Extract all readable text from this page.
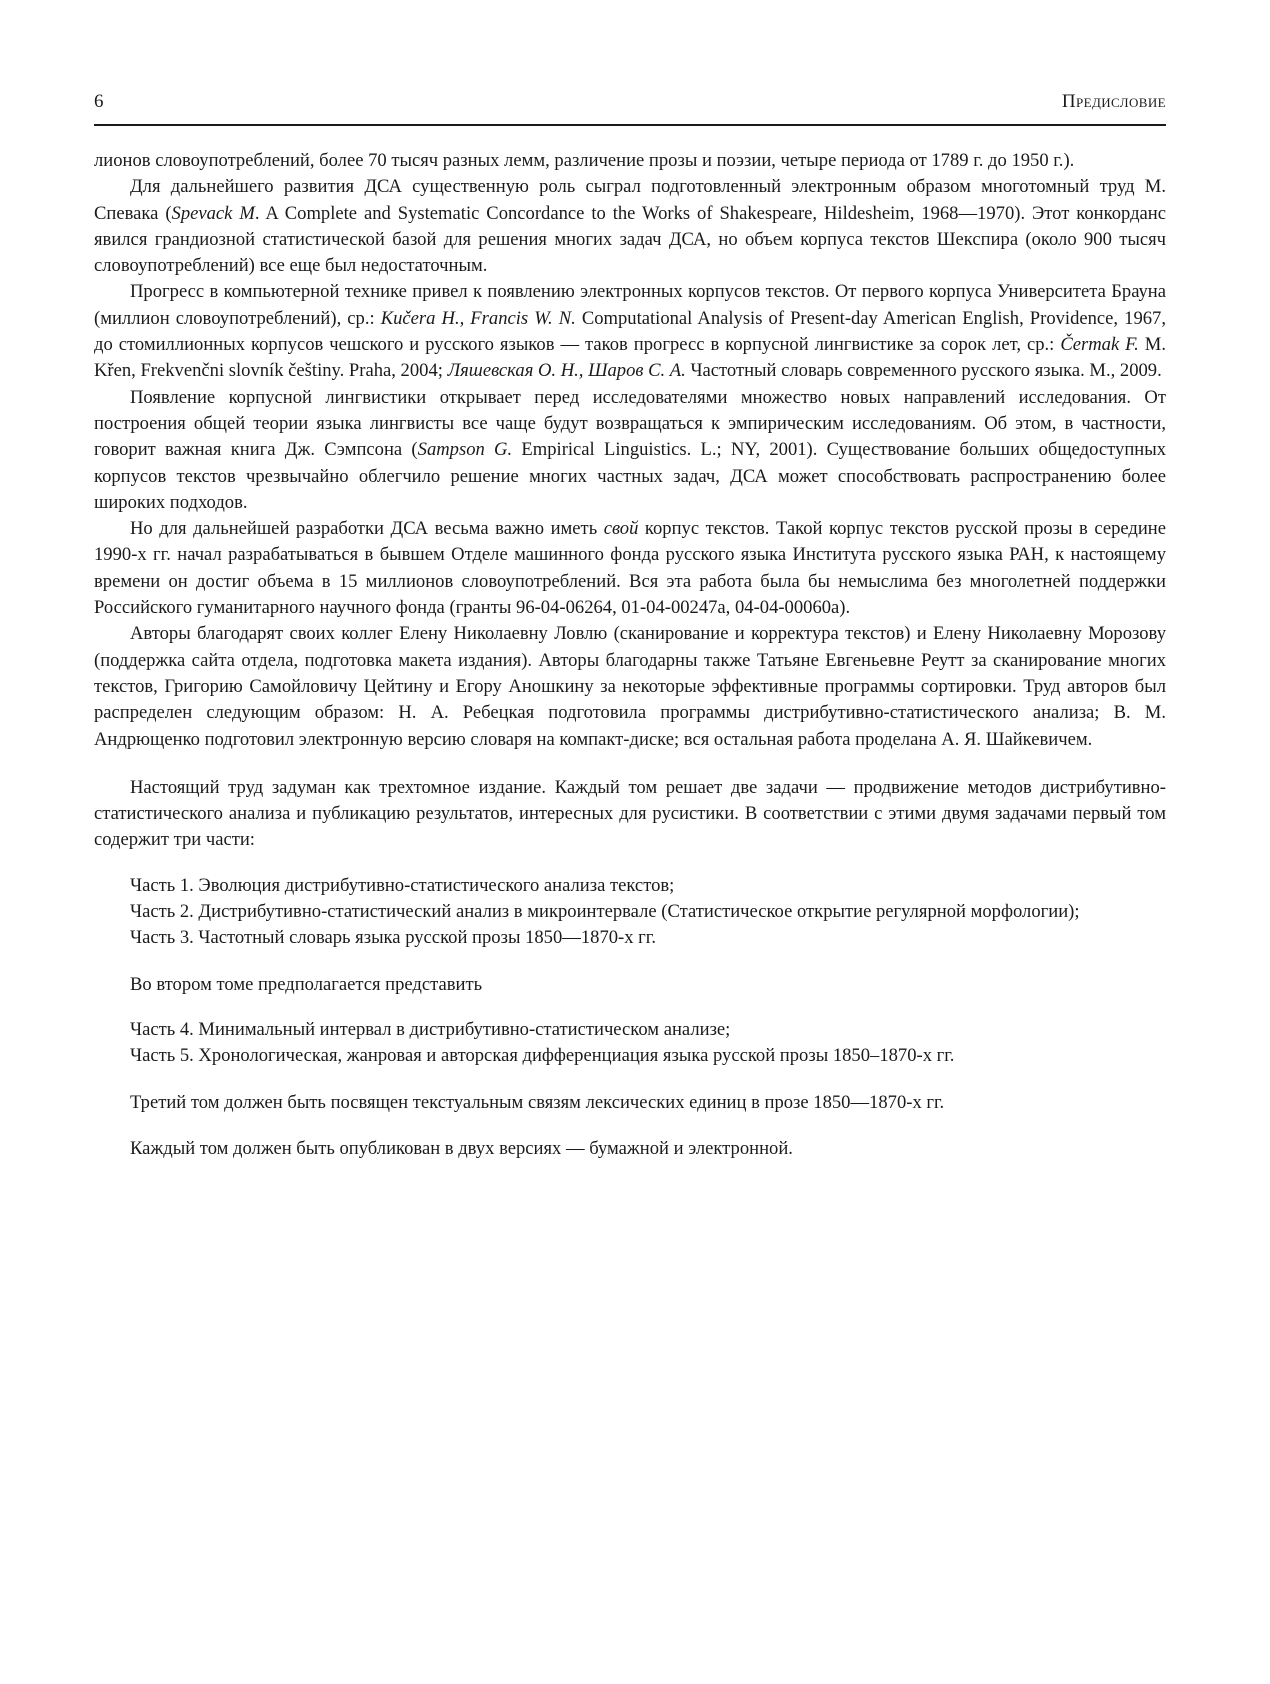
6	Предисловие

лионов словоупотреблений, более 70 тысяч разных лемм, различение прозы и поэзии, четыре периода от 1789 г. до 1950 г.).

Для дальнейшего развития ДСА существенную роль сыграл подготовленный электронным образом многотомный труд М. Спевака (Spevack M. A Complete and Systematic Concordance to the Works of Shakespeare, Hildesheim, 1968—1970). Этот конкорданс явился грандиозной статистической базой для решения многих задач ДСА, но объем корпуса текстов Шекспира (около 900 тысяч словоупотреблений) все еще был недостаточным.

Прогресс в компьютерной технике привел к появлению электронных корпусов текстов. От первого корпуса Университета Брауна (миллион словоупотреблений), ср.: Kučera H., Francis W. N. Computational Analysis of Present-day American English, Providence, 1967, до стомиллионных корпусов чешского и русского языков — таков прогресс в корпусной лингвистике за сорок лет, ср.: Čermak F. M. Křen, Frekvenčni slovník češtiny. Praha, 2004; Ляшевская О. Н., Шаров С. А. Частотный словарь современного русского языка. М., 2009.

Появление корпусной лингвистики открывает перед исследователями множество новых направлений исследования. От построения общей теории языка лингвисты все чаще будут возвращаться к эмпирическим исследованиям. Об этом, в частности, говорит важная книга Дж. Сэмпсона (Sampson G. Empirical Linguistics. L.; NY, 2001). Существование больших общедоступных корпусов текстов чрезвычайно облегчило решение многих частных задач, ДСА может способствовать распространению более широких подходов.

Но для дальнейшей разработки ДСА весьма важно иметь свой корпус текстов. Такой корпус текстов русской прозы в середине 1990-х гг. начал разрабатываться в бывшем Отделе машинного фонда русского языка Института русского языка РАН, к настоящему времени он достиг объема в 15 миллионов словоупотреблений. Вся эта работа была бы немыслима без многолетней поддержки Российского гуманитарного научного фонда (гранты 96-04-06264, 01-04-00247а, 04-04-00060а).

Авторы благодарят своих коллег Елену Николаевну Ловлю (сканирование и корректура текстов) и Елену Николаевну Морозову (поддержка сайта отдела, подготовка макета издания). Авторы благодарны также Татьяне Евгеньевне Реутт за сканирование многих текстов, Григорию Самойловичу Цейтину и Егору Аношкину за некоторые эффективные программы сортировки. Труд авторов был распределен следующим образом: Н. А. Ребецкая подготовила программы дистрибутивно-статистического анализа; В. М. Андрющенко подготовил электронную версию словаря на компакт-диске; вся остальная работа проделана А. Я. Шайкевичем.

Настоящий труд задуман как трехтомное издание. Каждый том решает две задачи — продвижение методов дистрибутивно-статистического анализа и публикацию результатов, интересных для русистики. В соответствии с этими двумя задачами первый том содержит три части:

Часть 1. Эволюция дистрибутивно-статистического анализа текстов;
Часть 2. Дистрибутивно-статистический анализ в микроинтервале (Статистическое открытие регулярной морфологии);
Часть 3. Частотный словарь языка русской прозы 1850—1870-х гг.

Во втором томе предполагается представить

Часть 4. Минимальный интервал в дистрибутивно-статистическом анализе;
Часть 5. Хронологическая, жанровая и авторская дифференциация языка русской прозы 1850–1870-х гг.

Третий том должен быть посвящен текстуальным связям лексических единиц в прозе 1850—1870-х гг.

Каждый том должен быть опубликован в двух версиях — бумажной и электронной.
